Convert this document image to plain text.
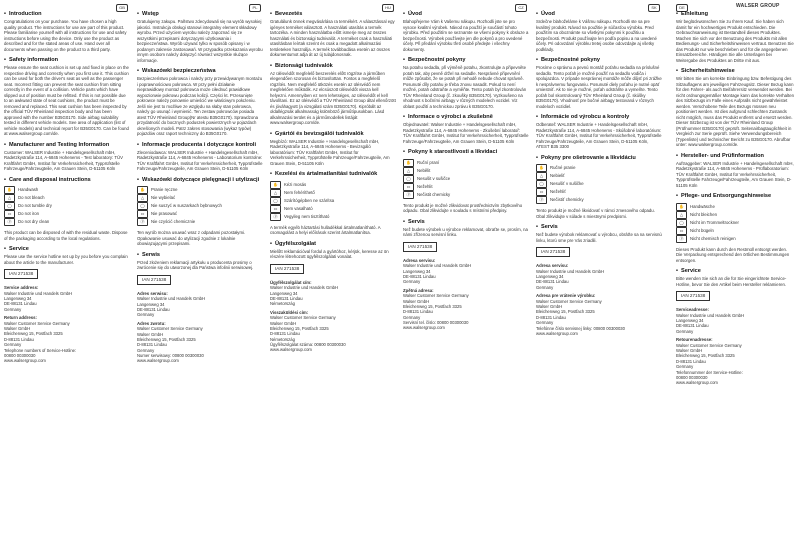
WALSER GROUP
GB
• Introduction
Congratulations on your purchase. You have chosen a high quality product. The instructions for use are part of this product. Please familiarise yourself with all instructions for use and safety instructions before using the device. Only use the product as described and for the stated areas of use. Hand over all documents when passing on the product to a third party.
• Safety information
Please ensure the seat cushion is set up and fixed in place on the respective driving and correctly when you first use it. This cushion can be used for both the driver's seat as well as the passenger seat. Incorrect fitting can prevent the seat cushion from sitting correctly in the event of a collision. Vehicle parts which have slipped out of position must be refitted. If this is not possible due to an awkward state of seat cushions, the product must be removed and replaced. This seat cushion has been inspected by the official TÜV Rheinland inspection body and has been approved with the number B35G0170. Side airbag suitability tested in different vehicle models. See area of application (list of vehicle models) and technical report for B35G0170. Can be found at www.walsergroup.com/de.
• Manufacturer and Testing Information
Customer: WALSER Industrie + Handelsgesellschaft mbH, Radetzkystraße 114, A-6845 Hohenems - Test laboratory: TÜV Kraftfahrt GmbH, Institut für Verkehrssicherheit, Typprüfstelle Fahrzeuge/Fahrzeugteile, Am Grauen Stein, D-51105 Köln
• Care and disposal instructions
✋	Handwash
△	Do not bleach
◯	Do not tumble dry
▭	Do not iron
Ⓟ	Do not dry clean
This product can be disposed of with the residual waste. Dispose of the packaging according to the local regulations.
• Service
Please use the service hotline set up by you before you complain about the article to the manufacturer.
IAN 271538
Service address:
Walser Industrie und Handels GmbH
Langenweg 34
DE-88131 Lindau
Germany
Return address:
Walser Customer Service Germany
Walser GmbH
Bleichenweg 15, Postfach 3325
D-88131 Lindau
Germany
Telephone numbers of Service-Hotline:
00800 00300030
www.walsergroup.com
PL
• Wstęp
Gratulujemy zakupu. Pañstwo zdecydowali się na wyrób wysokiej jakości. Instrukcja obsługi stanowi integralny element składowy wyrobu. Przed użyciem wyrobu należy zapoznać się ze wszystkimi przepisami dotyczącymi użytkowania i bezpieczeństwa. Wyrób używać tylko w sposób opisany i w podanym zakresie zastosowań. W przypadku przekazania wyrobu innym osobom należy dołączyć również wszystkie służące informacje.
• Wskazówki bezpieczeństwa
Bezpieczeństwo pokrowca i należy przy przewidywanym montażu i poprawnościowo pokrowca. W przy pełni działanie nieprawidłowy montaż pokrowca może ciłednuć prawidłowe wypozionwie pokrowu podczas kolizji. Części kt. Przesunięte pokrowce należy ponownie umieścić we właściwym położeniu. Jeśli nie jest to możliwe ze względu na słaby stan pokrowca, należy go usunąć i wymienić. Ten zestaw pokrowców posiada atest TÜV Rheinland Group(Nr atestu B35G0170). Sprawdzona przydatność do bocznych poduszek powietrznych w pojazdach określonych modeli. Patrz zakres stosowania (wykaz typów) pojazdów oraz raport techniczny do B35G0170.
• Informacje producenta i dotyczące kontroli
Zleceniodawca: WALSER Industrie + Handelsgesellschaft mbH, Radetzkystraße 114, A-6845 Hohenems - Laboratorium kontrolne: TÜV Kraftfahrt GmbH, Institut für Verkehrssicherheit, Typprüfstelle Fahrzeuge/Fahrzeugteile, Am Grauen Stein, D-51105 Köln
• Wskazówki dotyczące pielęgnacji i utylizacji
✋	Pranie ręczne
△	Nie wybielać
◯	Nie suszyć w suszarkach bębnowych
▭	Nie prasować
Ⓟ	Nie czyścić chemicznie
Ten wyrób można usuwać wraz z odpadami pozostałymi. Opakowanie usuwać do utylizacji zgodnie z lokalnie obowiązującymi przepisami.
• Serwis
Przed złożeniem reklamacji artykułu u producenta prosimy o zwrócenie się do utworzonej dla Państwa infolinii serwisowej.
IAN 271538
Adres serwisu:
Walser Industrie und Handels GmbH
Langenweg 34
DE-88131 Lindau
Germany
Adres zwrotu:
Walser Customer Service Germany
Walser GmbH
Bleichenweg 15, Postfach 3325
D-88131 Lindau
Germany
Numer serwisowy: 00800 00300030
www.walsergroup.com
HU
• Bevezetés
Gratulálunk önnek megvásárlása ra termékért. A választással egy igényes terméket választott. A használati utasítás a termék tartozéka. A minden használatba előtt ismerje meg az összes használati és biztonsági tudnivalót. A terméket csak a használati utasításban leírtak szerint és csak a megadott alkalmazási területeken használja. A termék továbbadása esetén az összes dokumentumot adja át az új tulajdonosnak.
• Biztonsági tudnivalók
Az ülésvédőt megfelelő beszerelés előtt rögzítse a járműben elegendően szorosan és biztosítottan. Fontos a megfelelő rögzítés. Nem megfelelő ütközés esetén az ülésvédő nem megfelelően működik. Az elcsúszott ülésvédőt vissza kell helyezni. Amennyiben ez nem lehetséges, az ülésvédőt el kell távolítani. Ez az ülésvédő a TÜV Rheinland Group által ellenőrzött és jóváhagyott (a vizsgálati szám B35G0170). Kipróbált az oldallégzsák alkalmasság különböző járműtípusokban. Lásd alkalmazási terület és a járműmodellek listáját www.walsergroup.com/de.
• Gyártói és bevizsgálói tudnivalók
Megbízó: WALSER Industrie + Handelsgesellschaft mbH, Radetzkystraße 114, A-6845 Hohenems - Bevizsgáló laboratórium: TÜV Kraftfahrt GmbH, Institut für Verkehrssicherheit, Typprüfstelle Fahrzeuge/Fahrzeugteile, Am Grauen Stein, D-51105 Köln
• Kezelési és ártalmatlanítási tudnivalók
✋	Kézi mosás
△	Nem fehéríthető
◯	Szárítógépben ne szárítsa
▭	Nem vasalható
Ⓟ	Vegyileg nem tisztítható
A termék egyéb háztartási hulladékkal ártalmatlanítható. A csomagolást a helyi előírások szerint ártalmatlanítsa.
• Ügyfélszolgálat
Mielőtt reklamációval fordul a gyártóhoz, kérjük, keresse az ön részére létrehozott ügyfélszolgálati vonalat.
IAN 271538
Ügyfélszolgálat cím:
Walser Industrie und Handels GmbH
Langenweg 34
DE-88131 Lindau
Németország
Visszaküldési cím:
Walser Customer Service Germany
Walser GmbH
Bleichenweg 15, Postfach 3325
D-88131 Lindau
Németország
Ügyfélszolgálat száma: 00800 00300030
www.walsergroup.com
CZ
• Úvod
Blahopřejeme Vám k Vašemu nákupu. Rozhodli jste se pro vysoce kvalitní výrobek. Návod na použití je součástí tohoto výrobku. Před použitím se seznamte se všemi pokyny k obsluze a bezpečnosti. Výrobek používejte jen dle pokynů a pro uvedené účely. Při předání výrobku třetí osobě předejte i všechny dokumenty.
• Bezpečnostní pokyny
Na potahu sedadla, při výměně potahu, zkontrolujte a připevněte potah tak, aby pevně držel na sedadle. Nesprávné připevnění může způsobit, že se potah při nehodě nebude chovat správně. Posunuté díly potahu je třeba znovu nasadit. Pokud to není možné, potah odstraňte a vyměňte. Tento potah byl zkontrolován TÜV Rheinland Group (č. zkoušky B35G0170). Vyzkoušeno na vhodnost s bočními airbagy v různých modelech vozidel. Viz oblast použití a technickou zprávu k B35G0170.
• Informace o výrobci a zkušebně
Objednavatel: Walser Industrie + Handelsgesellschaft mbH, Radetzkystraße 114, A-6845 Hohenems - Zkušební laboratoř: TÜV Kraftfahrt GmbH, Institut für Verkehrssicherheit, Typprüfstelle Fahrzeuge/Fahrzeugteile, Am Grauen Stein, D-51105 Köln
• Pokyny k starostlivosti a likvidaci
✋	Ruční praní
△	Nebělit
◯	Nesušit v sušičce
▭	Nežehlit
Ⓟ	Nečistit chemicky
Tento produkt je možné zlikvidovat prostřednictvím zbytkového odpadu. Obal zlikvidujte v souladu s místními předpisy.
• Servis
Než budete výrobek u výrobce reklamovat, obraťte se, prosím, na námi zřízenou servisní linku.
IAN 271538
Adresa servisu:
Walser Industrie und Handels GmbH
Langenweg 34
DE-88131 Lindau
Germany
Zpětná adresa:
Walser Customer Service Germany
Walser GmbH
Bleichenweg 15, Postfach 3325
D-88131 Lindau
Germany
Servisní tel. číslo: 00800 00300030
www.walsergroup.com
SK
• Úvod
Srdečne blahoželáme k Vášmu nákupu. Rozhodli ste sa pre kvalitný produkt. Návod na použitie je súčasťou výrobku. Pred použitím sa oboznámte so všetkými pokynmi k použitiu a bezpečnosti. Produkt používajte len podľa popisu a na uvedené účely. Pri odovzdaní výrobku tretej osobe odovzdajte aj všetky podklady.
• Bezpečnostné pokyny
Prosíme o správnu a pevnú montáž poťahu sedadla na príslušné sedadlo. Tento poťah je možné použiť na sedadlo vodiča i spolujazdca. V prípade nesprávnej montáže môže dôjsť pri zrážke k nesprávnemu fungovaniu. Posunuté diely poťahu je nutné opäť umiestniť. Ak to nie je možné, poťah odstráňte a vymeňte. Tento poťah bol skontrolovaný TÜV Rheinland Group (č. skúšky B35G0170). Vhodnosť pre bočné airbagy testovaná v rôznych modeloch vozidiel.
• Informácie od výrobcu a kontroly
Odberateľ: WALSER Industrie + Handelsgesellschaft mbH, Radetzkystraße 114, A-6845 Hohenems - Skúšobné laboratórium: TÜV Kraftfahrt GmbH, Institut für Verkehrssicherheit, Typprüfstelle Fahrzeuge/Fahrzeugteile, Am Grauen Stein, D-51105 Köln, ATEST B35 3300
• Pokyny pre ošetrovanie a likvidáciu
✋	Ručné pranie
△	Nebieliť
◯	Nesušiť v sušičke
▭	Nežehliť
Ⓟ	Nečistiť chemicky
Tento produkt je možné likvidovať v rámci zmesového odpadu. Obal zlikvidujte v súlade s miestnymi predpismi.
• Servis
Než budete výrobok reklamovať u výrobcu, obráťte sa na servisnú linku, ktorú sme pre Vás zriadili.
IAN 271538
Adresa servisu:
Walser Industrie und Handels GmbH
Langenweg 34
DE-88131 Lindau
Germany
Adresa pre vrátenie výrobku:
Walser Customer Service Germany
Walser GmbH
Bleichenweg 15, Postfach 3325
D-88131 Lindau
Germany
Telefónne číslo servisnej linky: 00800 00300030
www.walsergroup.com
DE
• Einleitung
Wir beglückwünschen Sie zu Ihrem Kauf. Sie haben sich damit für ein hochwertiges Produkt entschieden. Die Gebrauchsanweisung ist Bestandteil dieses Produktes. Machen Sie sich vor der Benutzung des Produkts mit allen Bedienungs- und Sicherheitshinweisen vertraut. Benutzen Sie das Produkt nur wie beschrieben und für die angegebenen Einsatzbereiche. Händigen Sie alle Unterlagen bei Weitergabe des Produktes an Dritte mit aus.
• Sicherheitshinweise
Wir bitten Sie um korrekte Einbringung bzw. Befestigung des Sitzauflagens am jeweiligen Fahrzeugsitz. Dieser Bezug kann für den Fahrer- als auch Beifahrersitz verwendet werden. Bei nicht ordnungsgemäßer Montage kann das korrekte Verhalten des Sitzbezugs im Falle eines Aufpralls nicht gewährleistet werden. Verschobene Teile des Bezugs müssen neu positioniert werden. Ist dies aufgrund schlechten Zustands nicht möglich, muss das Produkt entfernt und ersetzt werden. Dieser Sitzbezug ist von der TÜV Rheinland Group (Prüfnummer B35G0170) geprüft. Seitenairbagtauglichkeit in Vergleich zur Serie geprüft. Siehe Verwendungsbereich (Typenliste) und technischer Bericht zu B35G0170. Abrufbar unter: www.walsergroup.com/de.
• Hersteller- und Prüfinformation
Auftraggeber: WALSER Industrie + Handelsgesellschaft mbH, Radetzkystraße 114, A-6845 Hohenems - Prüflaboratorium: TÜV Kraftfahrt GmbH, Institut für Verkehrssicherheit, Typprüfstelle Fahrzeuge/Fahrzeugteile, Am Grauen Stein, D-51105 Köln
• Pflege- und Entsorgungshinweise
✋	Handwäsche
△	Nicht bleichen
◯	Nicht im Trommeltrockner
▭	Nicht bügeln
Ⓟ	Nicht chemisch reinigen
Dieses Produkt kann durch den Restmüll entsorgt werden. Die Verpackung entsprechend den örtlichen Bestimmungen entsorgen.
• Service
Bitte wenden Sie sich an die für Sie eingerichtete Service-Hotline, bevor Sie den Artikel beim Hersteller reklamieren.
IAN 271538
Serviceadresse:
Walser Industrie und Handels GmbH
Langenweg 34
DE-88131 Lindau
Germany
Retourenadresse:
Walser Customer Service Germany
Walser GmbH
Bleichenweg 15, Postfach 3325
D-88131 Lindau
Germany
Telefonnummer der Service-Hotline:
00800 00300030
www.walsergroup.com
